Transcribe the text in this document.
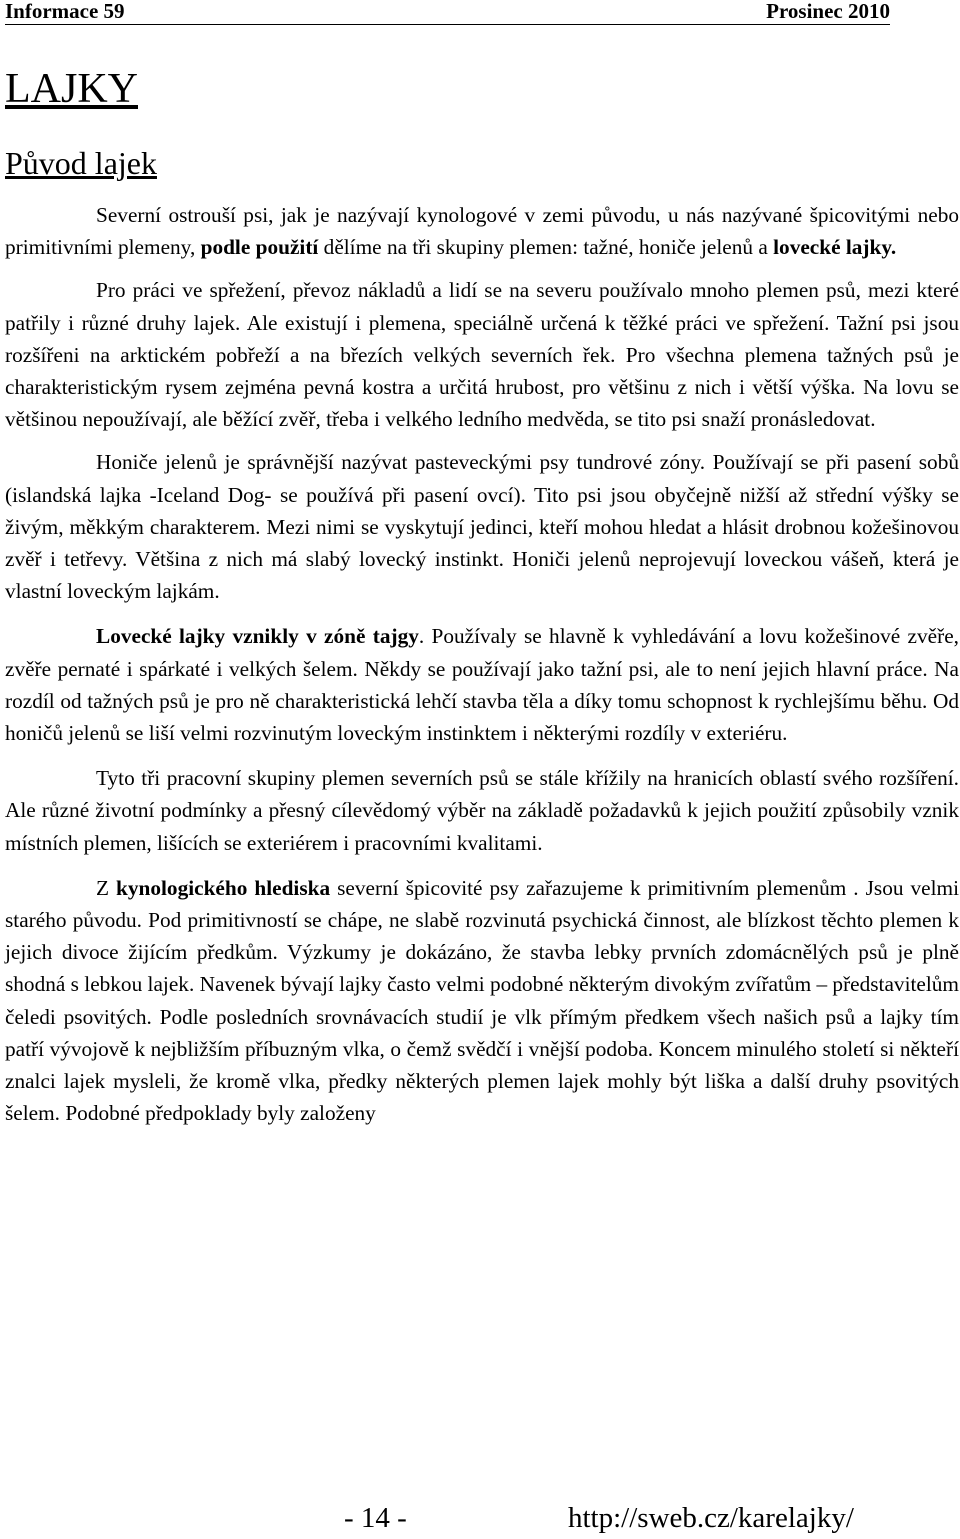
Informace 59	Prosinec 2010
LAJKY
Původ lajek

Severní ostrouší psi, jak je nazývají kynologové v zemi původu, u nás nazývané špicovitými nebo primitivními plemeny, podle použití dělíme na tři skupiny plemen: tažné, honiče jelenů a lovecké lajky.

Pro práci ve spřežení, převoz nákladů a lidí se na severu používalo mnoho plemen psů, mezi které patřily i různé druhy lajek. Ale existují i plemena, speciálně určená k těžké práci ve spřežení. Tažní psi jsou rozšířeni na arktickém pobřeží a na březích velkých severních řek. Pro všechna plemena tažných psů je charakteristickým rysem zejména pevná kostra a určitá hrubost, pro většinu z nich i větší výška. Na lovu se většinou nepoužívají, ale běžící zvěř, třeba i velkého ledního medvěda, se tito psi snaží pronásledovat.

Honiče jelenů je správnější nazývat pasteveckými psy tundrové zóny. Používají se při pasení sobů (islandská lajka -Iceland Dog- se používá při pasení ovcí). Tito psi jsou obyčejně nižší až střední výšky se živým, měkkým charakterem. Mezi nimi se vyskytují jedinci, kteří mohou hledat a hlásit drobnou kožešinovou zvěř i tetřevy. Většina z nich má slabý lovecký instinkt. Honiči jelenů neprojevují loveckou vášeň, která je vlastní loveckým lajkám.

Lovecké lajky vznikly v zóně tajgy. Používaly se hlavně k vyhledávání a lovu kožešinové zvěře, zvěře pernaté i spárkaté i velkých šelem. Někdy se používají jako tažní psi, ale to není jejich hlavní práce. Na rozdíl od tažných psů je pro ně charakteristická lehčí stavba těla a díky tomu schopnost k rychlejšímu běhu. Od honičů jelenů se liší velmi rozvinutým loveckým instinktem i některými rozdíly v exteriéru.

Tyto tři pracovní skupiny plemen severních psů se stále křížily na hranicích oblastí svého rozšíření. Ale různé životní podmínky a přesný cílevědomý výběr na základě požadavků k jejich použití způsobily vznik místních plemen, lišících se exteriérem i pracovními kvalitami.

Z kynologického hlediska severní špicovité psy zařazujeme k primitivním plemenům . Jsou velmi starého původu. Pod primitivností se chápe, ne slabě rozvinutá psychická činnost, ale blízkost těchto plemen k jejich divoce žijícím předkům. Výzkumy je dokázáno, že stavba lebky prvních zdomácnělých psů je plně shodná s lebkou lajek. Navenek bývají lajky často velmi podobné některým divokým zvířatům – představitelům čeledi psovitých. Podle posledních srovnávacích studií je vlk přímým předkem všech našich psů a lajky tím patří vývojově k nejbližším příbuzným vlka, o čemž svědčí i vnější podoba. Koncem minulého století si někteří znalci lajek mysleli, že kromě vlka, předky některých plemen lajek mohly být liška a další druhy psovitých šelem. Podobné předpoklady byly založeny

- 14 -	http://sweb.cz/karelajky/
